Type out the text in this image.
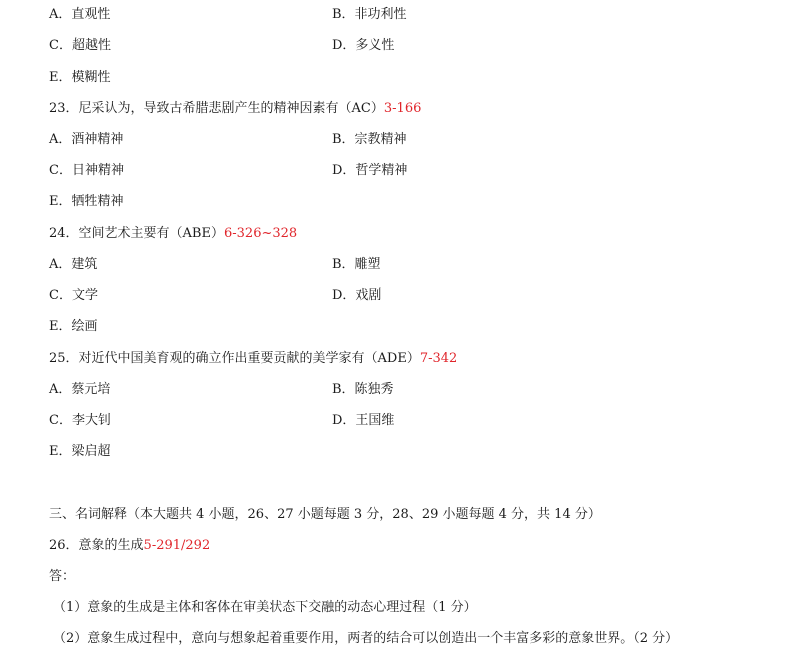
A．直观性	B．非功利性
C．超越性	D．多义性
E．模糊性
23．尼采认为，导致古希腊悲剧产生的精神因素有（AC）3-166
A．酒神精神	B．宗教精神
C．日神精神	D．哲学精神
E．牺牲精神
24．空间艺术主要有（ABE）6-326~328
A．建筑	B．雕塑
C．文学	D．戏剧
E．绘画
25．对近代中国美育观的确立作出重要贡献的美学家有（ADE）7-342
A．蔡元培	B．陈独秀
C．李大钊	D．王国维
E．梁启超
三、名词解释（本大题共 4 小题，26、27 小题每题 3 分，28、29 小题每题 4 分，共 14 分）
26．意象的生成5-291/292
答：
（1）意象的生成是主体和客体在审美状态下交融的动态心理过程（1 分）
（2）意象生成过程中，意向与想象起着重要作用，两者的结合可以创造出一个丰富多彩的意象世界。（2 分）
